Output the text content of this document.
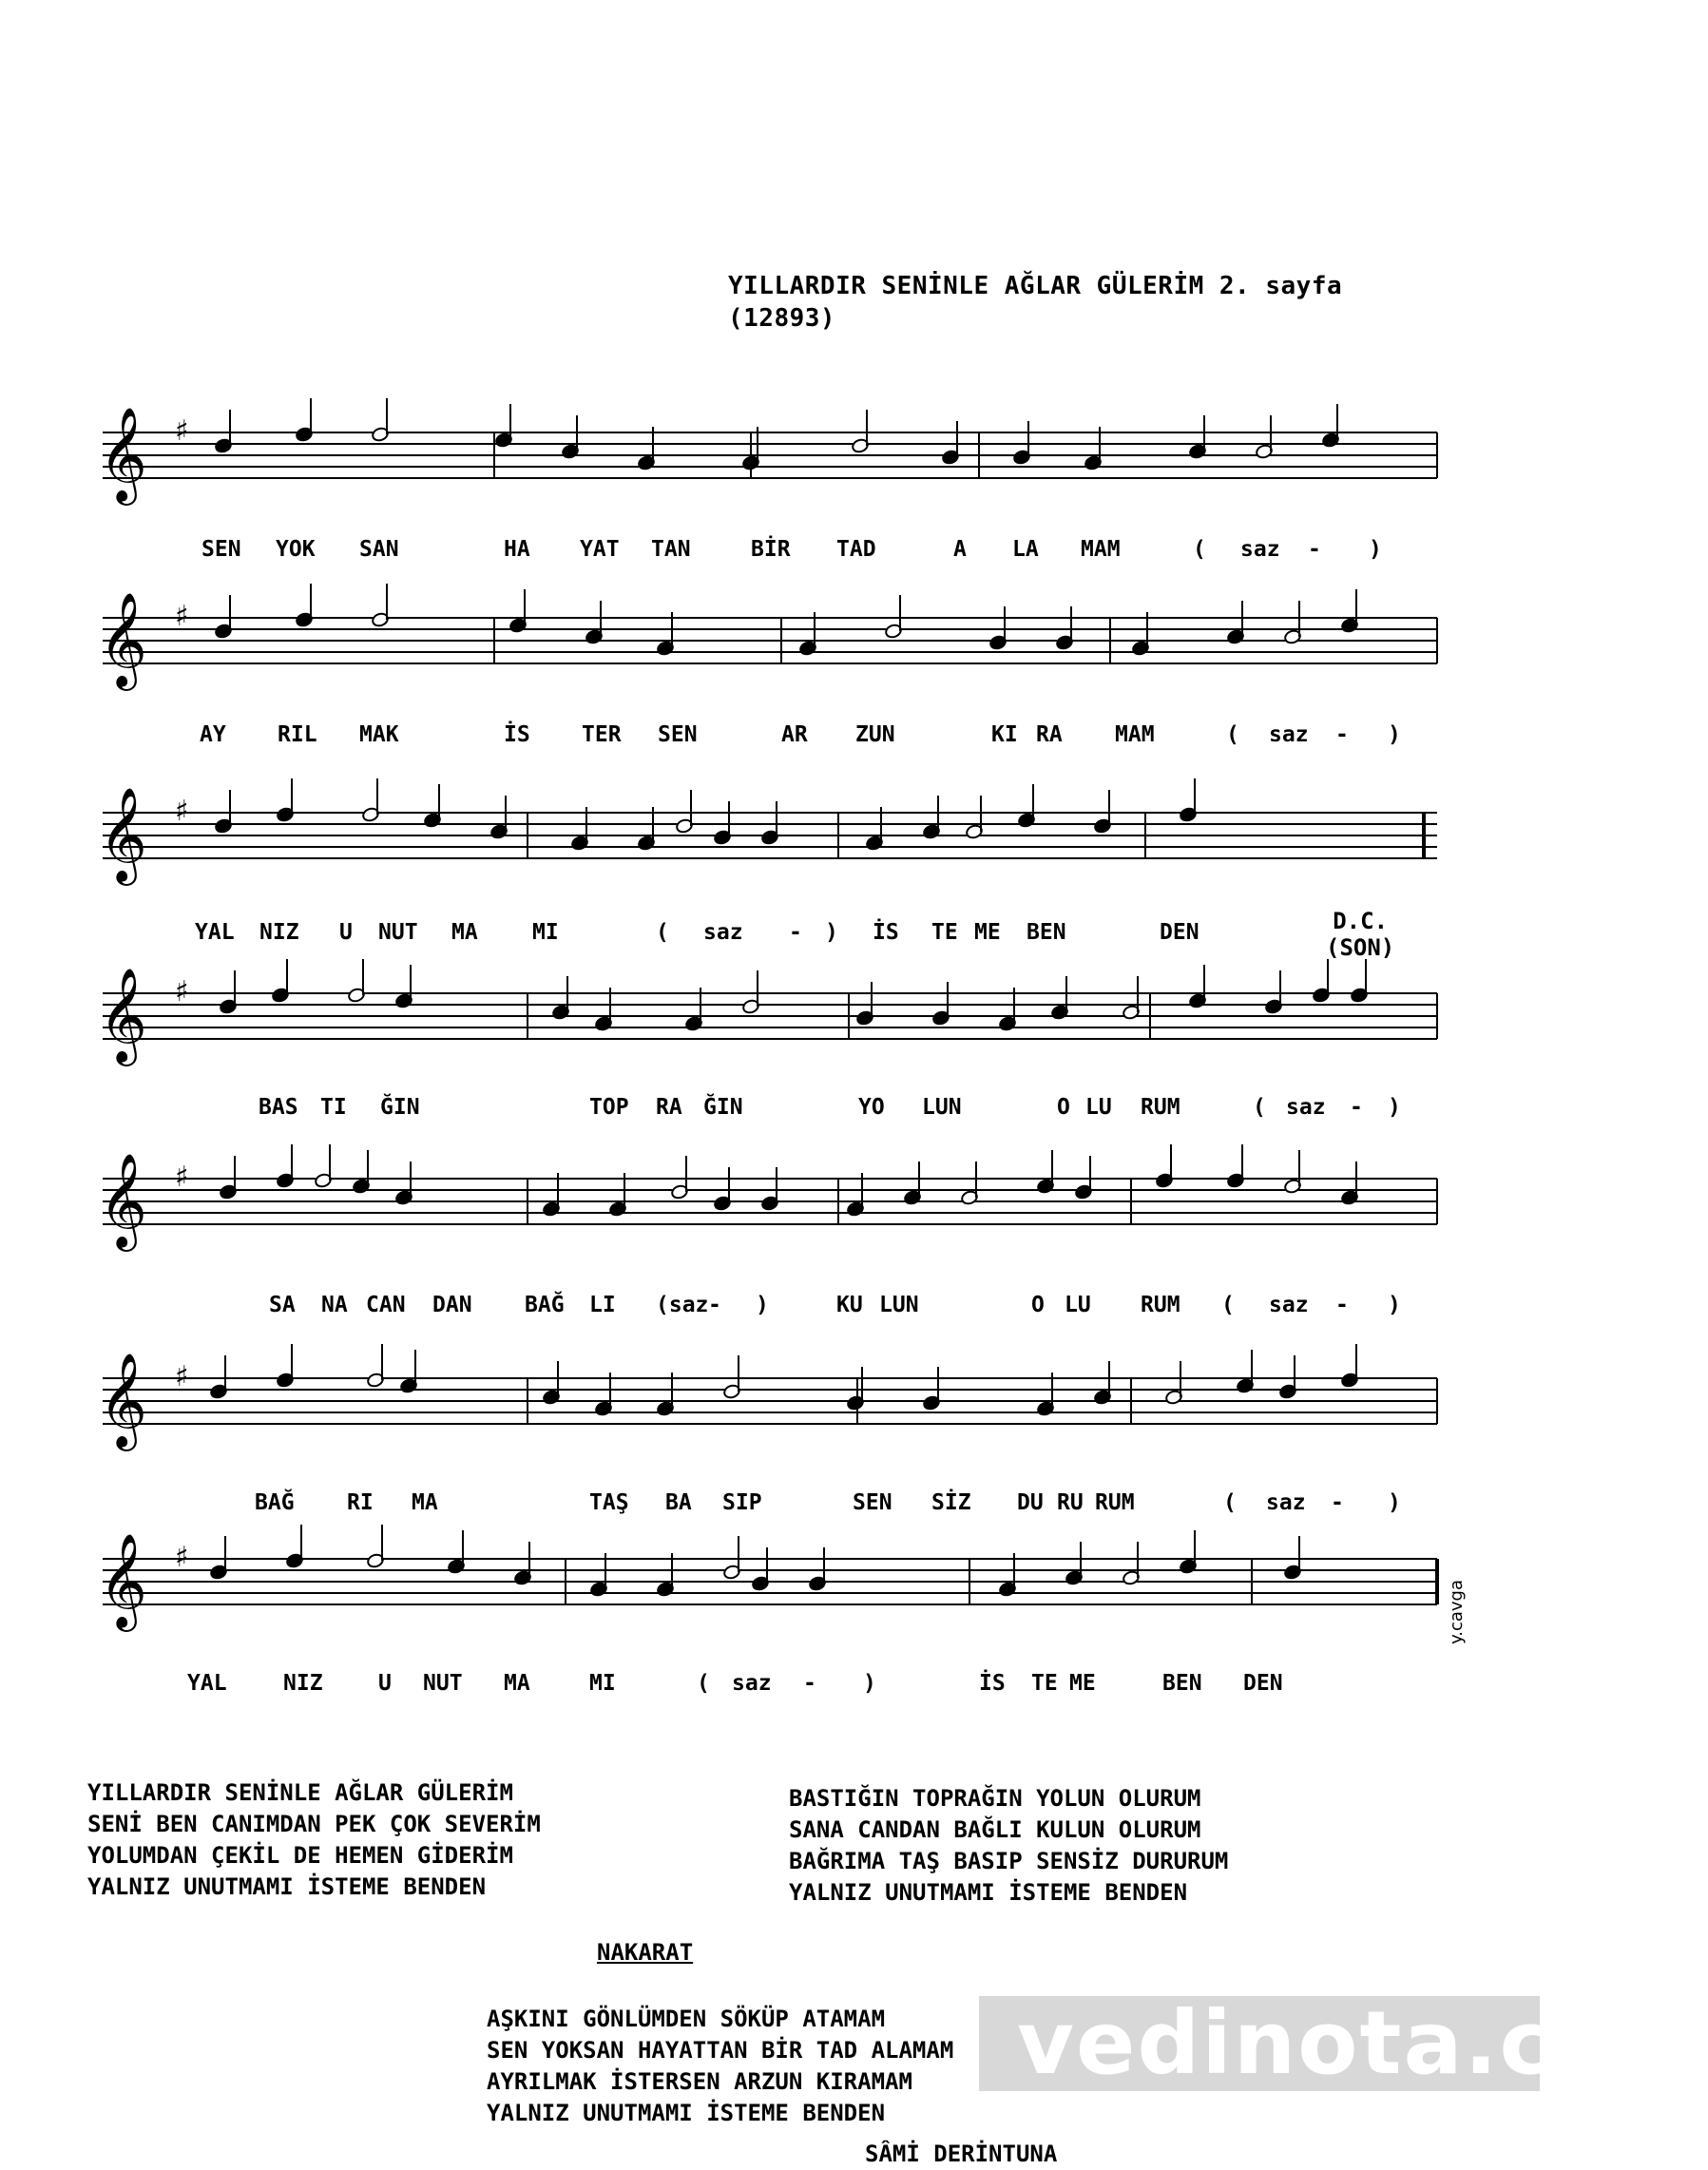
YILLARDIR SENİNLE AĞLAR GÜLERİM 2. sayfa
(12893)
𝄞 ♯
𝄞 ♯
𝄞 ♯
𝄞 ♯
𝄞 ♯
𝄞 ♯
𝄞 ♯
D.C.
(SON)
y.cavga
YILLARDIR SENİNLE AĞLAR GÜLERİM
SENİ BEN CANIMDAN PEK ÇOK SEVERİM
YOLUMDAN ÇEKİL DE HEMEN GİDERİM
YALNIZ UNUTMAMI İSTEME BENDEN
BASTIĞIN TOPRAĞIN YOLUN OLURUM
SANA CANDAN BAĞLI KULUN OLURUM
BAĞRIMA TAŞ BASIP SENSİZ DURURUM
YALNIZ UNUTMAMI İSTEME BENDEN
NAKARAT
AŞKINI GÖNLÜMDEN SÖKÜP ATAMAM
SEN YOKSAN HAYATTAN BİR TAD ALAMAM
AYRILMAK İSTERSEN ARZUN KIRAMAM
YALNIZ UNUTMAMI İSTEME BENDEN
vedinota.com
SÂMİ DERİNTUNA
SEN YOK SAN	HA YAT TAN	BİR TAD	A LA MAM	( saz - )
AY RIL MAK	İS TER SEN	AR ZUN	KI RA MAM	( saz - )
YAL NIZ U NUT MA MI	( saz - ) İS TE ME BEN	DEN
BAS TI ĞIN	TOP RA ĞIN	YO LUN	O LU RUM	( saz - )
SA NA CAN DAN BAĞ LI (saz - )	KU LUN	O LU RUM ( saz - )
BAĞ RI MA	TAŞ BA SIP	SEN SİZ DU RU RUM	( saz - )
YAL	NIZ	U NUT MA	MI	( saz - )	İS TE ME	BEN DEN
